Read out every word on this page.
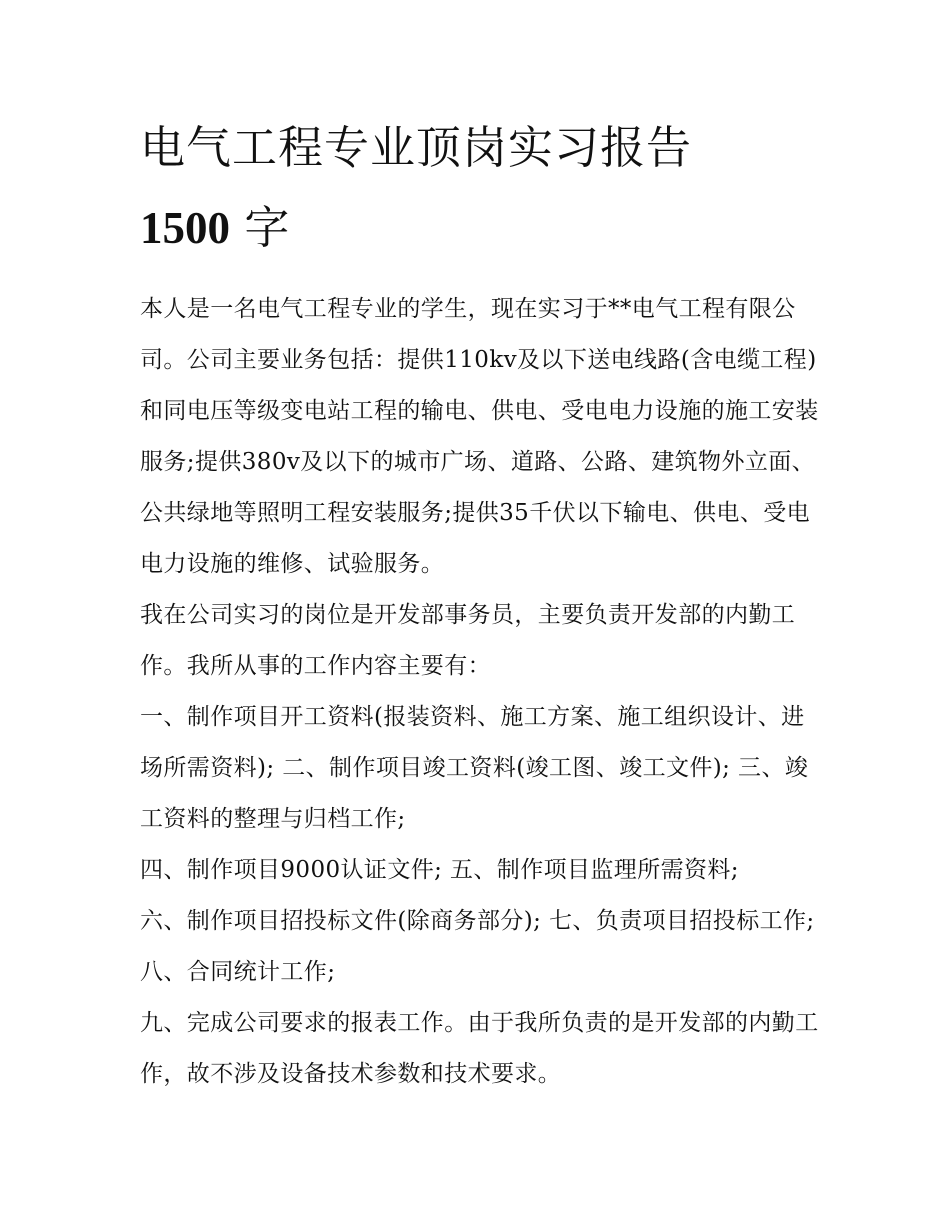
电气工程专业顶岗实习报告
1500 字

本人是一名电气工程专业的学生，现在实习于**电气工程有限公司。公司主要业务包括：提供110kv及以下送电线路(含电缆工程)和同电压等级变电站工程的输电、供电、受电电力设施的施工安装服务;提供380v及以下的城市广场、道路、公路、建筑物外立面、公共绿地等照明工程安装服务;提供35千伏以下输电、供电、受电电力设施的维修、试验服务。

我在公司实习的岗位是开发部事务员，主要负责开发部的内勤工作。我所从事的工作内容主要有：

一、制作项目开工资料(报装资料、施工方案、施工组织设计、进场所需资料); 二、制作项目竣工资料(竣工图、竣工文件); 三、竣工资料的整理与归档工作;

四、制作项目9000认证文件; 五、制作项目监理所需资料;

六、制作项目招投标文件(除商务部分); 七、负责项目招投标工作; 八、合同统计工作;

九、完成公司要求的报表工作。由于我所负责的是开发部的内勤工作，故不涉及设备技术参数和技术要求。
